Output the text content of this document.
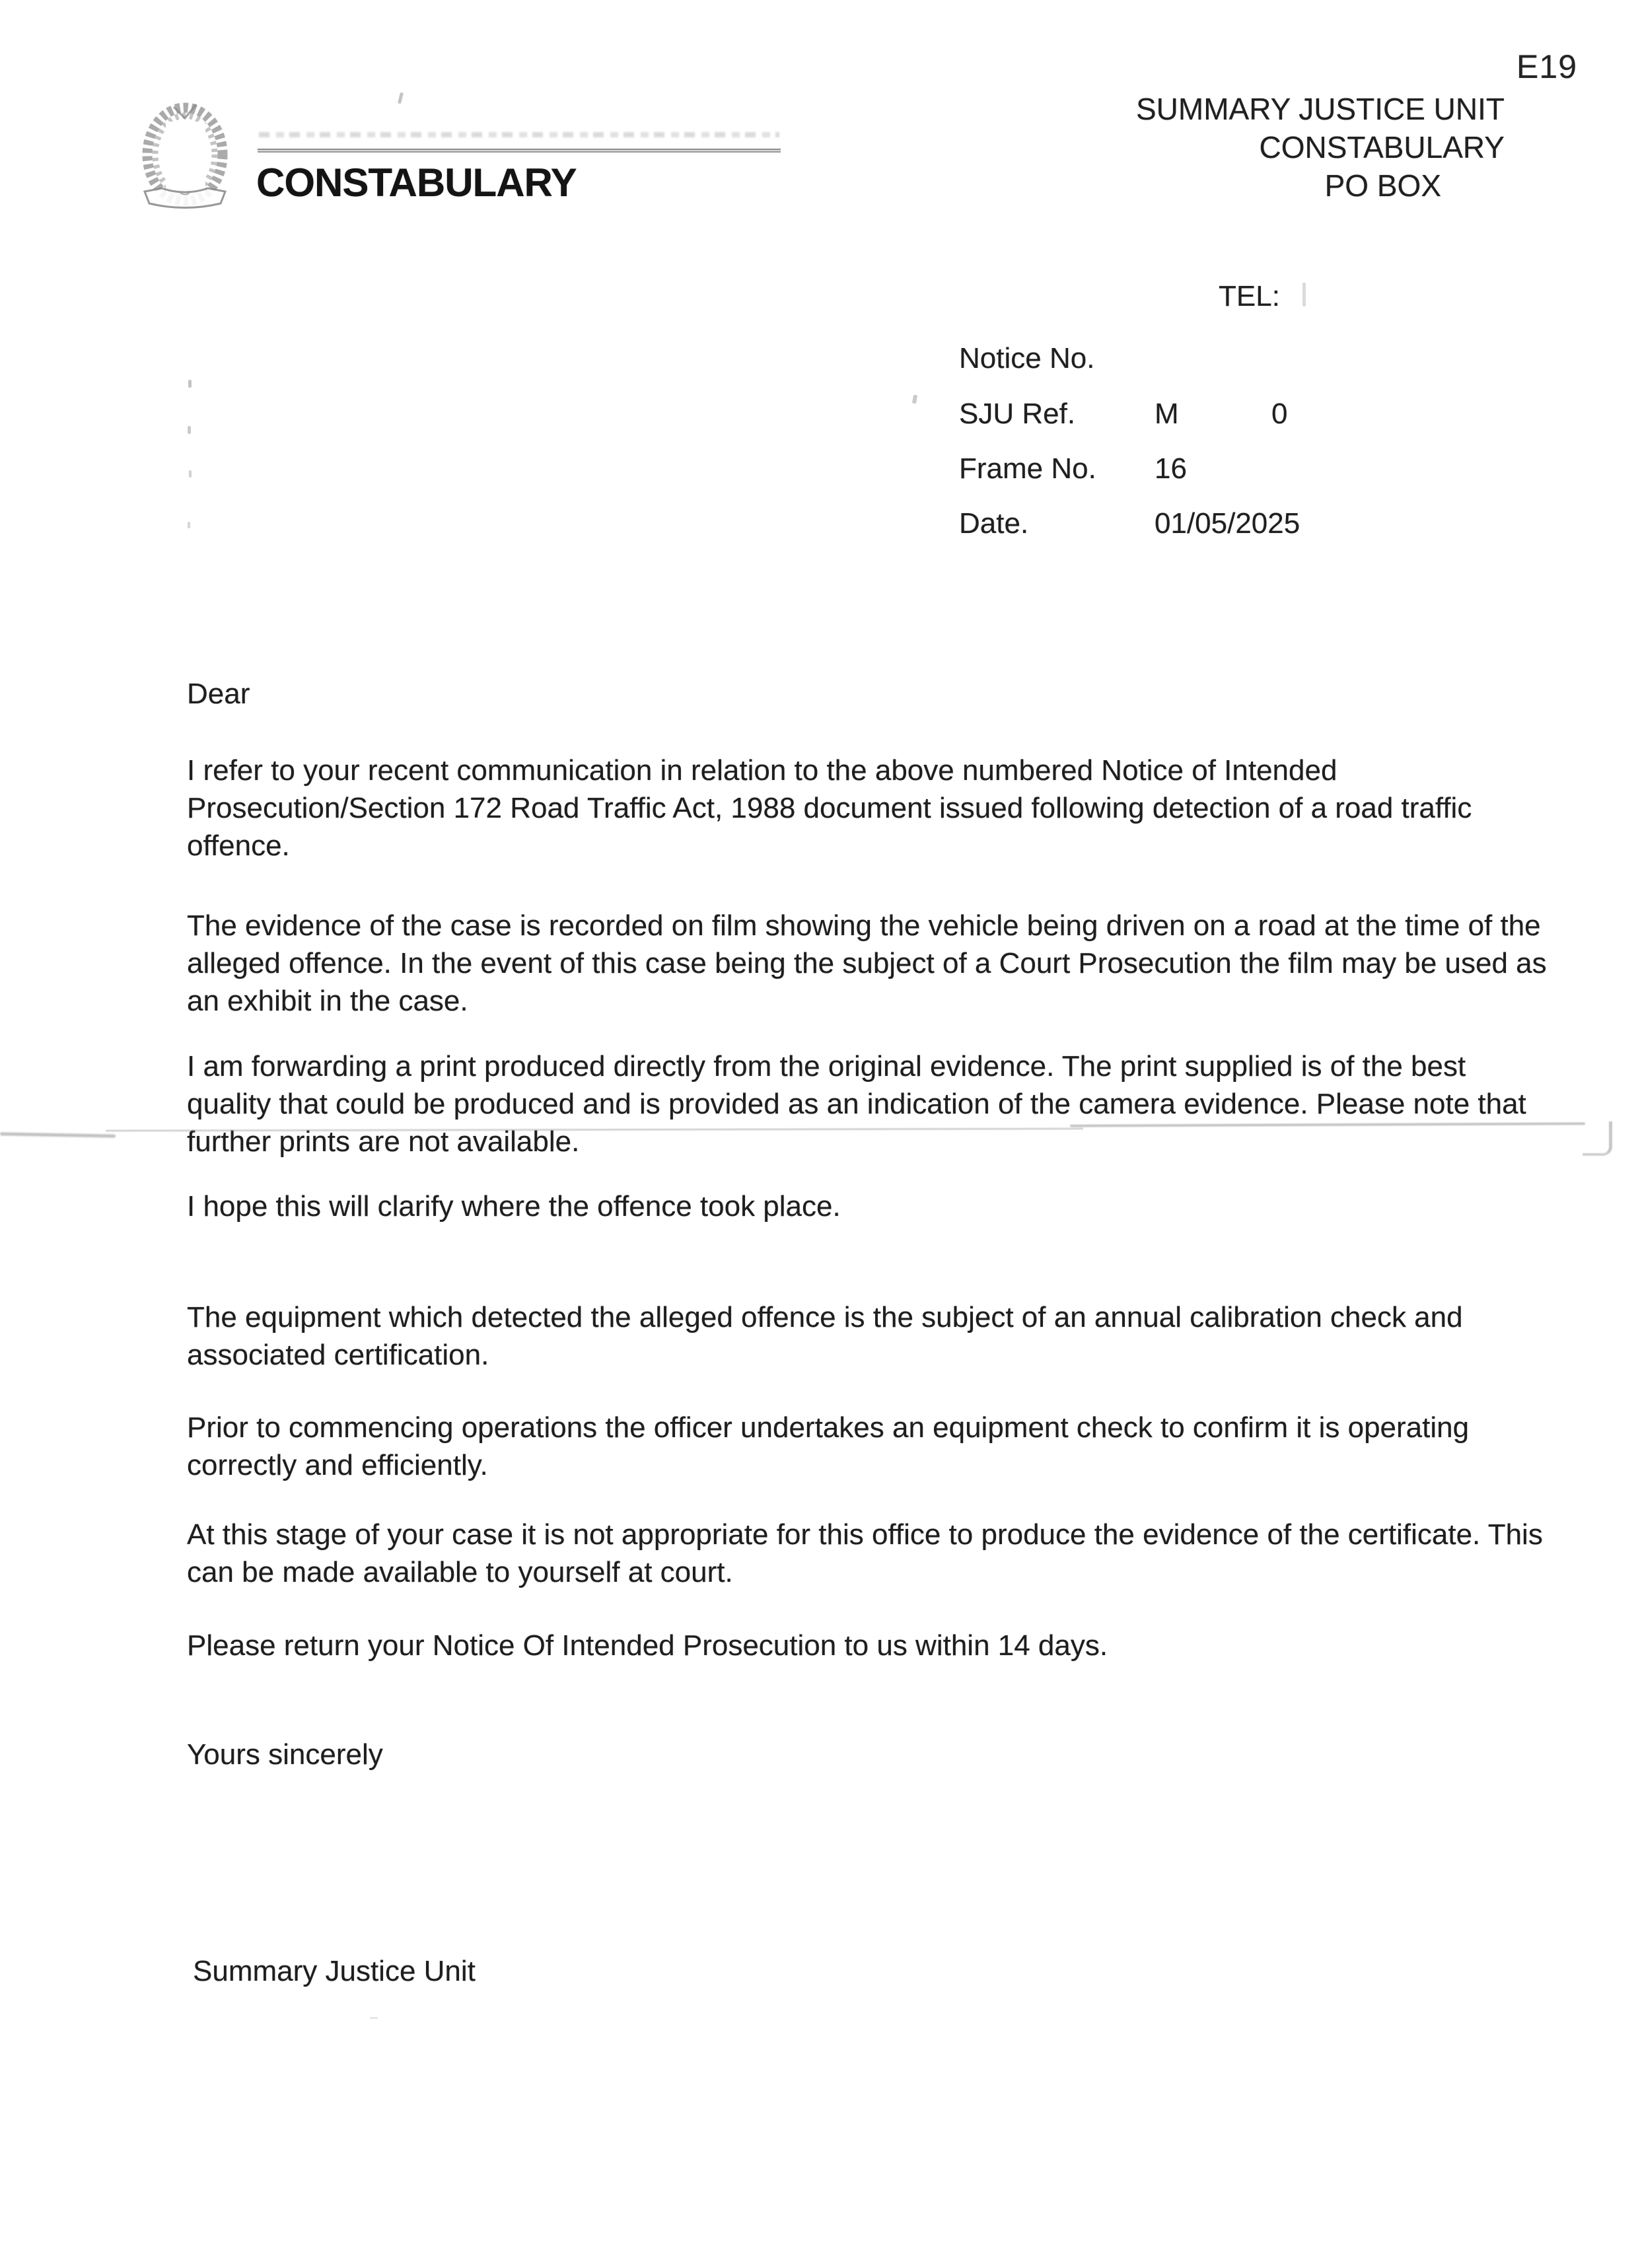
E19
CONSTABULARY
SUMMARY JUSTICE UNIT
CONSTABULARY
PO BOX
TEL:
Notice No.
SJU Ref.	M	0
Frame No. 16
Date.	01/05/2025

Dear

I refer to your recent communication in relation to the above numbered Notice of Intended Prosecution/Section 172 Road Traffic Act, 1988 document issued following detection of a road traffic offence.

The evidence of the case is recorded on film showing the vehicle being driven on a road at the time of the alleged offence. In the event of this case being the subject of a Court Prosecution the film may be used as an exhibit in the case.

I am forwarding a print produced directly from the original evidence. The print supplied is of the best quality that could be produced and is provided as an indication of the camera evidence. Please note that further prints are not available.

I hope this will clarify where the offence took place.

The equipment which detected the alleged offence is the subject of an annual calibration check and associated certification.

Prior to commencing operations the officer undertakes an equipment check to confirm it is operating correctly and efficiently.

At this stage of your case it is not appropriate for this office to produce the evidence of the certificate. This can be made available to yourself at court.

Please return your Notice Of Intended Prosecution to us within 14 days.

Yours sincerely

Summary Justice Unit
